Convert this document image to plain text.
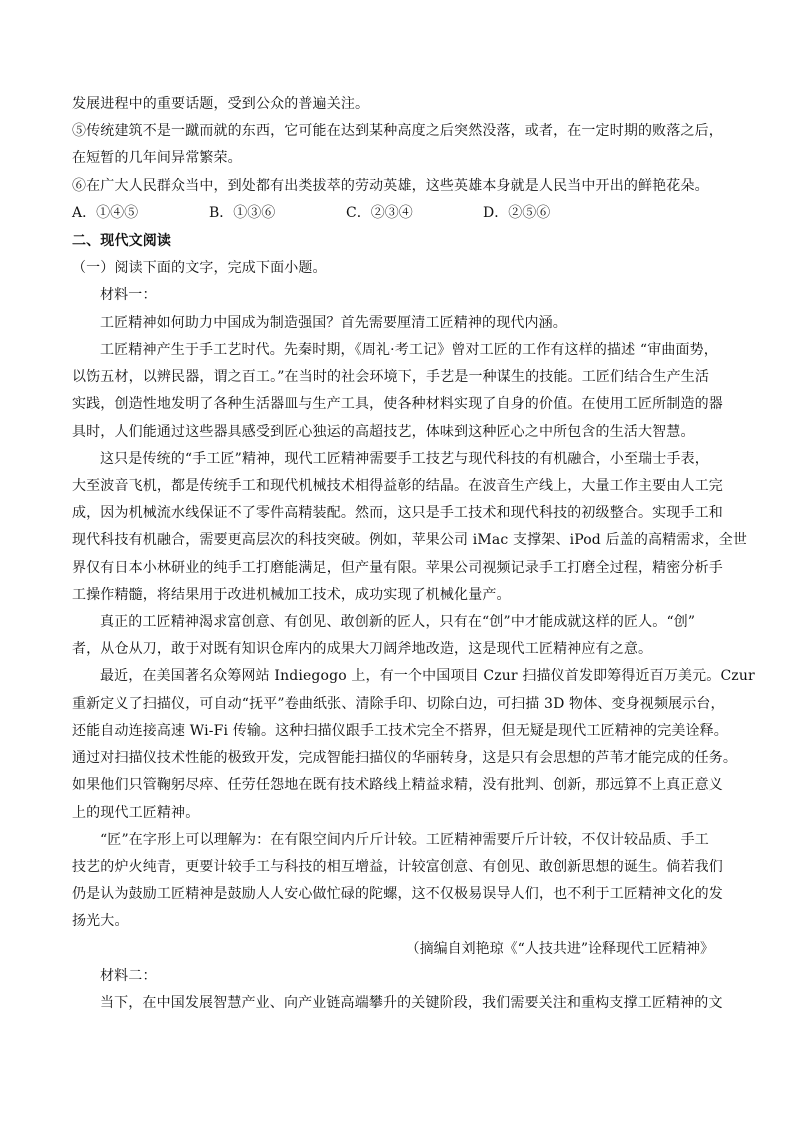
发展进程中的重要话题，受到公众的普遍关注。
⑤传统建筑不是一蹴而就的东西，它可能在达到某种高度之后突然没落，或者，在一定时期的败落之后，
在短暂的几年间异常繁荣。
⑥在广大人民群众当中，到处都有出类拔萃的劳动英雄，这些英雄本身就是人民当中开出的鲜艳花朵。
A．①④⑤	B．①③⑥	C．②③④	D．②⑤⑥
二、现代文阅读
（一）阅读下面的文字，完成下面小题。
材料一：
工匠精神如何助力中国成为制造强国？首先需要厘清工匠精神的现代内涵。
工匠精神产生于手工艺时代。先秦时期，《周礼·考工记》曾对工匠的工作有这样的描述 “审曲面势，
以饬五材，以辨民器，谓之百工。”在当时的社会环境下，手艺是一种谋生的技能。工匠们结合生产生活
实践，创造性地发明了各种生活器皿与生产工具，使各种材料实现了自身的价值。在使用工匠所制造的器
具时，人们能通过这些器具感受到匠心独运的高超技艺，体味到这种匠心之中所包含的生活大智慧。
这只是传统的“手工匠”精神，现代工匠精神需要手工技艺与现代科技的有机融合，小至瑞士手表，
大至波音飞机，都是传统手工和现代机械技术相得益彰的结晶。在波音生产线上，大量工作主要由人工完
成，因为机械流水线保证不了零件高精装配。然而，这只是手工技术和现代科技的初级整合。实现手工和
现代科技有机融合，需要更高层次的科技突破。例如，苹果公司 iMac 支撑架、iPod 后盖的高精需求，全世
界仅有日本小林研业的纯手工打磨能满足，但产量有限。苹果公司视频记录手工打磨全过程，精密分析手
工操作精髓，将结果用于改进机械加工技术，成功实现了机械化量产。
真正的工匠精神渴求富创意、有创见、敢创新的匠人，只有在“创”中才能成就这样的匠人。“创”
者，从仓从刀，敢于对既有知识仓库内的成果大刀阔斧地改造，这是现代工匠精神应有之意。
最近，在美国著名众筹网站 Indiegogo 上，有一个中国项目 Czur 扫描仪首发即筹得近百万美元。Czur
重新定义了扫描仪，可自动“抚平”卷曲纸张、清除手印、切除白边，可扫描 3D 物体、变身视频展示台，
还能自动连接高速 Wi-Fi 传输。这种扫描仪跟手工技术完全不搭界，但无疑是现代工匠精神的完美诠释。
通过对扫描仪技术性能的极致开发，完成智能扫描仪的华丽转身，这是只有会思想的芦苇才能完成的任务。
如果他们只管鞠躬尽瘁、任劳任怨地在既有技术路线上精益求精，没有批判、创新，那远算不上真正意义
上的现代工匠精神。
“匠”在字形上可以理解为：在有限空间内斤斤计较。工匠精神需要斤斤计较，不仅计较品质、手工
技艺的炉火纯青，更要计较手工与科技的相互增益，计较富创意、有创见、敢创新思想的诞生。倘若我们
仍是认为鼓励工匠精神是鼓励人人安心做忙碌的陀螺，这不仅极易误导人们，也不利于工匠精神文化的发
扬光大。
（摘编自刘艳琼《“人技共进”诠释现代工匠精神》
材料二：
当下，在中国发展智慧产业、向产业链高端攀升的关键阶段，我们需要关注和重构支撑工匠精神的文
